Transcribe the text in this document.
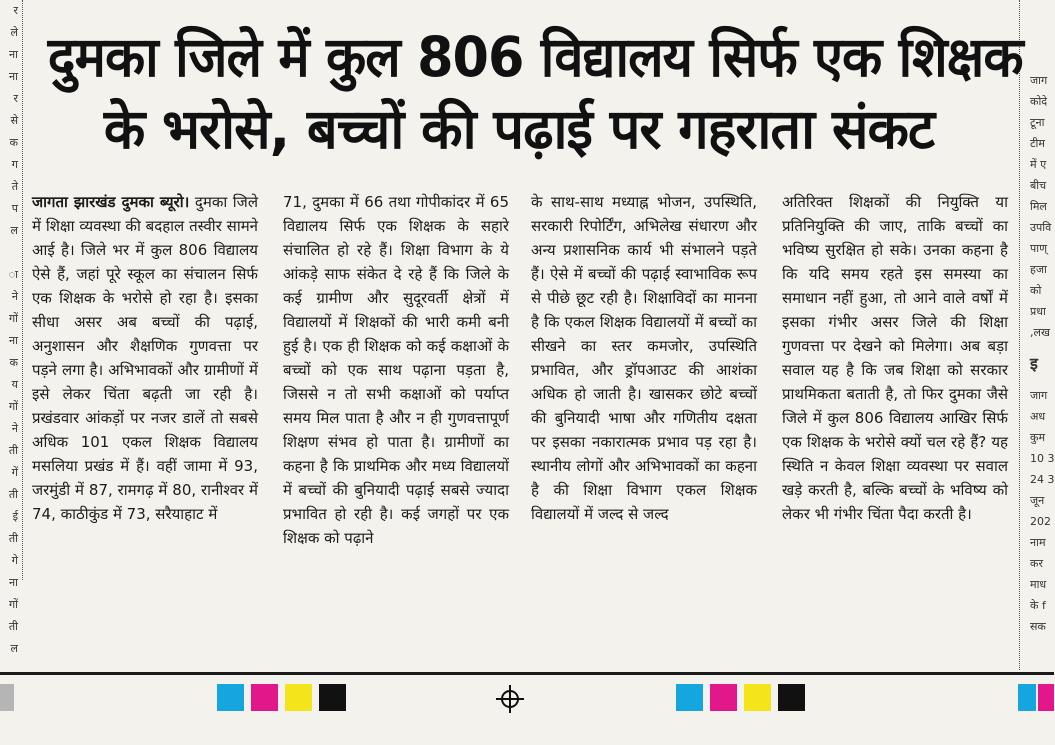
र
ले
ना
ना
र
से
क
ग
ते
प
ल

ा
ने
गों
ना
क
य
गों
ने
ती
गें
ती
ई
ती
गे
ना
गों
ती
ल
दुमका जिले में कुल 806 विद्यालय सिर्फ एक शिक्षक
के भरोसे, बच्चों की पढ़ाई पर गहराता संकट

जागता झारखंड दुमका ब्यूरो। दुमका जिले में शिक्षा व्यवस्था की बदहाल तस्वीर सामने आई है। जिले भर में कुल 806 विद्यालय ऐसे हैं, जहां पूरे स्कूल का संचालन सिर्फ एक शिक्षक के भरोसे हो रहा है। इसका सीधा असर अब बच्चों की पढ़ाई, अनुशासन और शैक्षणिक गुणवत्ता पर पड़ने लगा है। अभिभावकों और ग्रामीणों में इसे लेकर चिंता बढ़ती जा रही है। प्रखंडवार आंकड़ों पर नजर डालें तो सबसे अधिक 101 एकल शिक्षक विद्यालय मसलिया प्रखंड में हैं। वहीं जामा में 93, जरमुंडी में 87, रामगढ़ में 80, रानीश्वर में 74, काठीकुंड में 73, सरैयाहाट में

71, दुमका में 66 तथा गोपीकांदर में 65 विद्यालय सिर्फ एक शिक्षक के सहारे संचालित हो रहे हैं। शिक्षा विभाग के ये आंकड़े साफ संकेत दे रहे हैं कि जिले के कई ग्रामीण और सुदूरवर्ती क्षेत्रों में विद्यालयों में शिक्षकों की भारी कमी बनी हुई है। एक ही शिक्षक को कई कक्षाओं के बच्चों को एक साथ पढ़ाना पड़ता है, जिससे न तो सभी कक्षाओं को पर्याप्त समय मिल पाता है और न ही गुणवत्तापूर्ण शिक्षण संभव हो पाता है। ग्रामीणों का कहना है कि प्राथमिक और मध्य विद्यालयों में बच्चों की बुनियादी पढ़ाई सबसे ज्यादा प्रभावित हो रही है। कई जगहों पर एक शिक्षक को पढ़ाने

के साथ-साथ मध्याह्न भोजन, उपस्थिति, सरकारी रिपोर्टिंग, अभिलेख संधारण और अन्य प्रशासनिक कार्य भी संभालने पड़ते हैं। ऐसे में बच्चों की पढ़ाई स्वाभाविक रूप से पीछे छूट रही है। शिक्षाविदों का मानना है कि एकल शिक्षक विद्यालयों में बच्चों का सीखने का स्तर कमजोर, उपस्थिति प्रभावित, और ड्रॉपआउट की आशंका अधिक हो जाती है। खासकर छोटे बच्चों की बुनियादी भाषा और गणितीय दक्षता पर इसका नकारात्मक प्रभाव पड़ रहा है। स्थानीय लोगों और अभिभावकों का कहना है की शिक्षा विभाग एकल शिक्षक विद्यालयों में जल्द से जल्द

अतिरिक्त शिक्षकों की नियुक्ति या प्रतिनियुक्ति की जाए, ताकि बच्चों का भविष्य सुरक्षित हो सके। उनका कहना है कि यदि समय रहते इस समस्या का समाधान नहीं हुआ, तो आने वाले वर्षों में इसका गंभीर असर जिले की शिक्षा गुणवत्ता पर देखने को मिलेगा। अब बड़ा सवाल यह है कि जब शिक्षा को सरकार प्राथमिकता बताती है, तो फिर दुमका जैसे जिले में कुल 806 विद्यालय आखिर सिर्फ एक शिक्षक के भरोसे क्यों चल रहे हैं? यह स्थिति न केवल शिक्षा व्यवस्था पर सवाल खड़े करती है, बल्कि बच्चों के भविष्य को लेकर भी गंभीर चिंता पैदा करती है।

जाग
कोदे
टूना
टीम
में ए
बीच
मिल
उपवि
पाण्
हजा
को
प्रधा
,लख

इ

जाग
अध
कुम
10 3
24 3
जून
202
नाम
कर
माध
के f
सक
